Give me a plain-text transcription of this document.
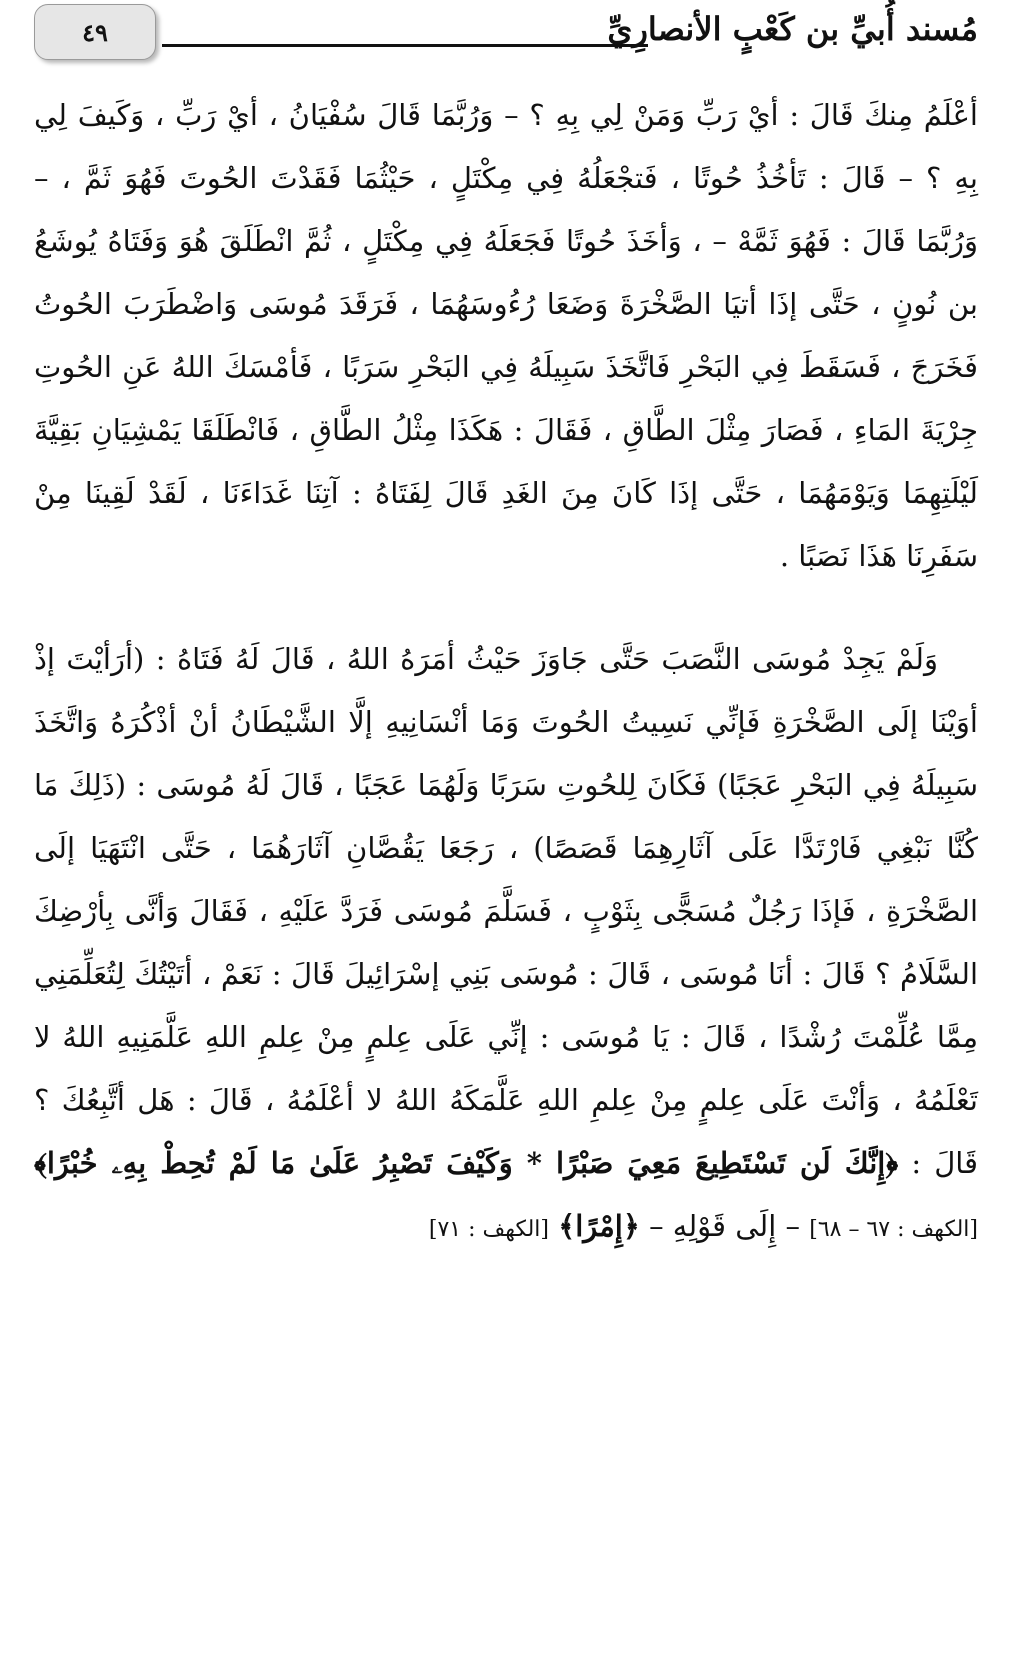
٤٩	مُسند أُبيِّ بن كَعْبٍ الأنصارِيِّ

أعْلَمُ مِنكَ قَالَ : أيْ رَبِّ وَمَنْ لِي بِهِ ؟ – وَرُبَّمَا قَالَ سُفْيَانُ ، أيْ رَبِّ ، وَكَيفَ لِي بِهِ ؟ – قَالَ : تَأخُذُ حُوتًا ، فَتجْعَلُهُ فِي مِكْتَلٍ ، حَيْثُمَا فَقَدْتَ الحُوتَ فَهُوَ ثَمَّ ، – وَرُبَّمَا قَالَ : فَهُوَ ثَمَّهْ – ، وَأخَذَ حُوتًا فَجَعَلَهُ فِي مِكْتَلٍ ، ثُمَّ انْطَلَقَ هُوَ وَفَتَاهُ يُوشَعُ بن نُونٍ ، حَتَّى إذَا أتيَا الصَّخْرَةَ وَضَعَا رُءُوسَهُمَا ، فَرَقَدَ مُوسَى وَاضْطَرَبَ الحُوتُ فَخَرَجَ ، فَسَقَطَ فِي البَحْرِ فَاتَّخَذَ سَبِيلَهُ فِي البَحْرِ سَرَبًا ، فَأمْسَكَ اللهُ عَنِ الحُوتِ جِرْيَةَ المَاءِ ، فَصَارَ مِثْلَ الطَّاقِ ، فَقَالَ : هَكَذَا مِثْلُ الطَّاقِ ، فَانْطَلَقَا يَمْشِيَانِ بَقِيَّةَ لَيْلَتِهِمَا وَيَوْمَهُمَا ، حَتَّى إذَا كَانَ مِنَ الغَدِ قَالَ لِفَتَاهُ : آتِنَا غَدَاءَنَا ، لَقَدْ لَقِينَا مِنْ سَفَرِنَا هَذَا نَصَبًا .

وَلَمْ يَجِدْ مُوسَى النَّصَبَ حَتَّى جَاوَزَ حَيْثُ أمَرَهُ اللهُ ، قَالَ لَهُ فَتَاهُ : (أرَأيْتَ إذْ أوَيْنَا إلَى الصَّخْرَةِ فَإنِّي نَسِيتُ الحُوتَ وَمَا أنْسَانِيهِ إلَّا الشَّيْطَانُ أنْ أذْكُرَهُ وَاتَّخَذَ سَبِيلَهُ فِي البَحْرِ عَجَبًا) فَكَانَ لِلحُوتِ سَرَبًا وَلَهُمَا عَجَبًا ، قَالَ لَهُ مُوسَى : (ذَلِكَ مَا كُنَّا نَبْغِي فَارْتَدَّا عَلَى آثَارِهِمَا قَصَصًا) ، رَجَعَا يَقُصَّانِ آثَارَهُمَا ، حَتَّى انْتَهَيَا إلَى الصَّخْرَةِ ، فَإذَا رَجُلٌ مُسَجًّى بِثَوْبٍ ، فَسَلَّمَ مُوسَى فَرَدَّ عَلَيْهِ ، فَقَالَ وَأنَّى بِأرْضِكَ السَّلَامُ ؟ قَالَ : أنَا مُوسَى ، قَالَ : مُوسَى بَنِي إسْرَائِيلَ قَالَ : نَعَمْ ، أتَيْتُكَ لِتُعَلِّمَنِي مِمَّا عُلِّمْتَ رُشْدًا ، قَالَ : يَا مُوسَى : إنِّي عَلَى عِلمٍ مِنْ عِلمِ اللهِ عَلَّمَنِيهِ اللهُ لا تَعْلَمُهُ ، وَأنْتَ عَلَى عِلمٍ مِنْ عِلمِ اللهِ عَلَّمَكَهُ اللهُ لا أعْلَمُهُ ، قَالَ : هَل أتَّبِعُكَ ؟ قَالَ : ﴿إِنَّكَ لَن تَسْتَطِيعَ مَعِيَ صَبْرًا * وَكَيْفَ تَصْبِرُ عَلَىٰ مَا لَمْ تُحِطْ بِهِۦ خُبْرًا﴾ [الكهف : ٦٧ – ٦٨] – إِلَى قَوْلِهِ – ﴿إِمْرًا﴾ [الكهف : ٧١]
